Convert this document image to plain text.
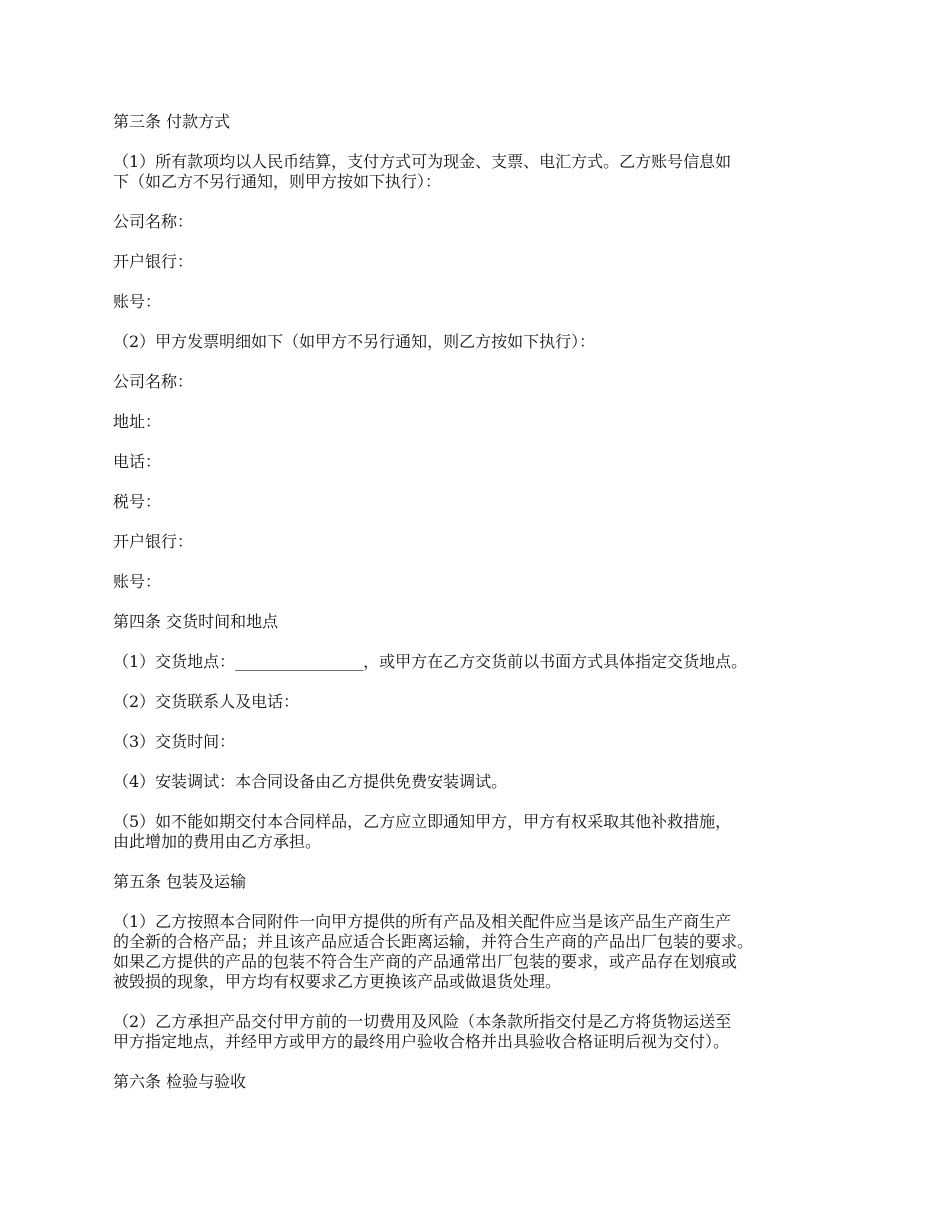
第三条 付款方式

（1）所有款项均以人民币结算，支付方式可为现金、支票、电汇方式。乙方账号信息如
下（如乙方不另行通知，则甲方按如下执行）：

公司名称：

开户银行：

账号：

（2）甲方发票明细如下（如甲方不另行通知，则乙方按如下执行）：

公司名称：

地址：

电话：

税号：

开户银行：

账号：

第四条 交货时间和地点

（1）交货地点：________________，或甲方在乙方交货前以书面方式具体指定交货地点。

（2）交货联系人及电话：

（3）交货时间：

（4）安装调试：本合同设备由乙方提供免费安装调试。

（5）如不能如期交付本合同样品，乙方应立即通知甲方，甲方有权采取其他补救措施，
由此增加的费用由乙方承担。

第五条 包装及运输

（1）乙方按照本合同附件一向甲方提供的所有产品及相关配件应当是该产品生产商生产
的全新的合格产品；并且该产品应适合长距离运输，并符合生产商的产品出厂包装的要求。
如果乙方提供的产品的包装不符合生产商的产品通常出厂包装的要求，或产品存在划痕或
被毁损的现象，甲方均有权要求乙方更换该产品或做退货处理。

（2）乙方承担产品交付甲方前的一切费用及风险（本条款所指交付是乙方将货物运送至
甲方指定地点，并经甲方或甲方的最终用户验收合格并出具验收合格证明后视为交付）。

第六条 检验与验收
